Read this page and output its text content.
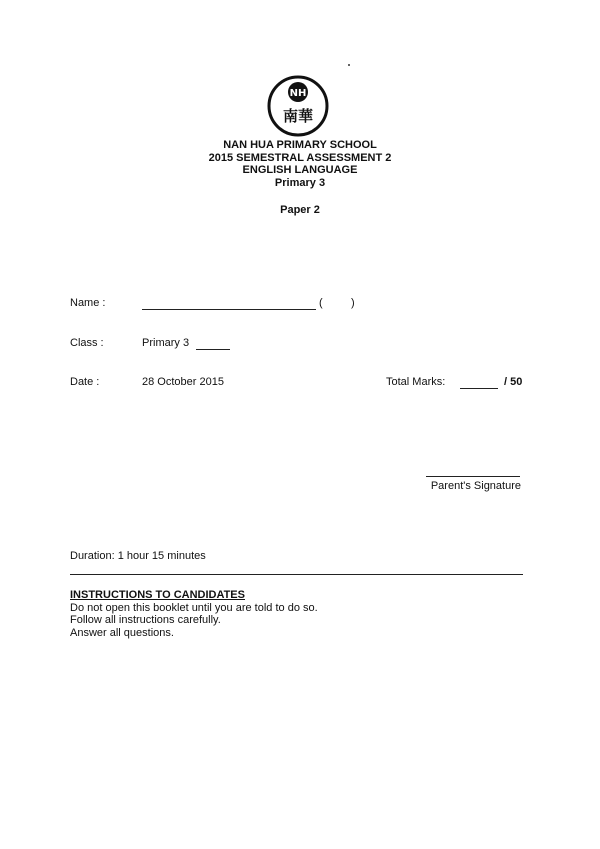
NH
南華
NAN HUA PRIMARY SCHOOL
2015 SEMESTRAL ASSESSMENT 2
ENGLISH LANGUAGE
Primary 3
Paper 2
Name :	(	)
Class :	Primary 3
Date :	28 October 2015	Total Marks:	/ 50
Parent's Signature
Duration: 1 hour 15 minutes
INSTRUCTIONS TO CANDIDATES
Do not open this booklet until you are told to do so.
Follow all instructions carefully.
Answer all questions.
